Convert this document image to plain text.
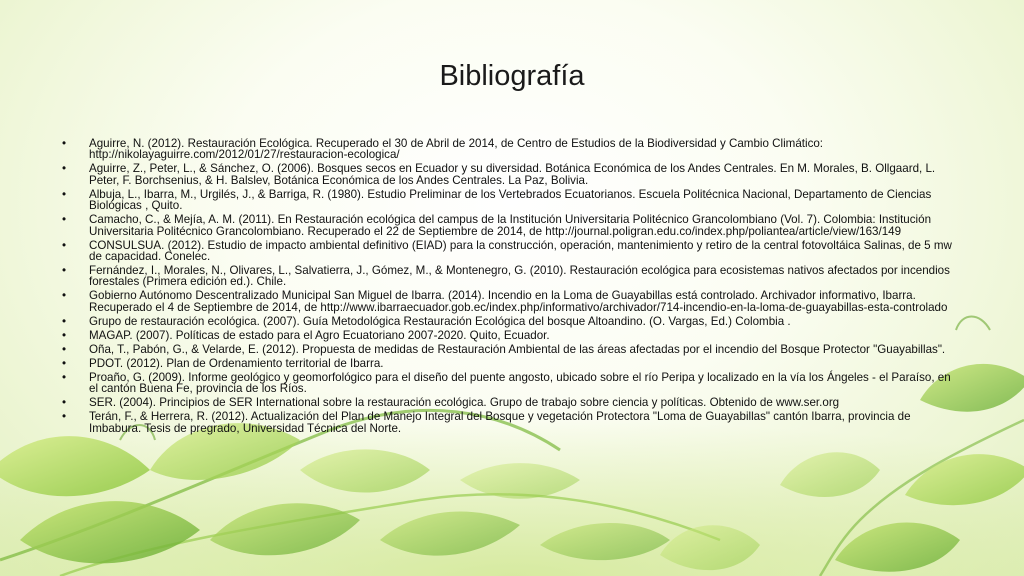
Bibliografía
• Aguirre, N. (2012). Restauración Ecológica. Recuperado el 30 de Abril de 2014, de Centro de Estudios de la Biodiversidad y Cambio Climático: http://nikolayaguirre.com/2012/01/27/restauracion-ecologica/
• Aguirre, Z., Peter, L., & Sánchez, O. (2006). Bosques secos en Ecuador y su diversidad. Botánica Económica de los Andes Centrales. En M. Morales, B. Ollgaard, L. Peter, F. Borchsenius, & H. Balslev, Botánica Económica de los Andes Centrales. La Paz, Bolivia.
• Albuja, L., Ibarra, M., Urgilés, J., & Barriga, R. (1980). Estudio Preliminar de los Vertebrados Ecuatorianos. Escuela Politécnica Nacional, Departamento de Ciencias Biológicas , Quito.
• Camacho, C., & Mejía, A. M. (2011). En Restauración ecológica del campus de la Institución Universitaria Politécnico Grancolombiano (Vol. 7). Colombia: Institución Universitaria Politécnico Grancolombiano. Recuperado el 22 de Septiembre de 2014, de http://journal.poligran.edu.co/index.php/poliantea/article/view/163/149
• CONSULSUA. (2012). Estudio de impacto ambiental definitivo (EIAD) para la construcción, operación, mantenimiento y retiro de la central fotovoltáica Salinas, de 5 mw de capacidad. Conelec.
• Fernández, I., Morales, N., Olivares, L., Salvatierra, J., Gómez, M., & Montenegro, G. (2010). Restauración ecológica para ecosistemas nativos afectados por incendios forestales (Primera edición ed.). Chile.
• Gobierno Autónomo Descentralizado Municipal San Miguel de Ibarra. (2014). Incendio en la Loma de Guayabillas está controlado. Archivador informativo, Ibarra. Recuperado el 4 de Septiembre de 2014, de http://www.ibarraecuador.gob.ec/index.php/informativo/archivador/714-incendio-en-la-loma-de-guayabillas-esta-controlado
• Grupo de restauración ecológica. (2007). Guía Metodológica Restauración Ecológica del bosque Altoandino. (O. Vargas, Ed.) Colombia .
• MAGAP. (2007). Políticas de estado para el Agro Ecuatoriano 2007-2020. Quito, Ecuador.
• Oña, T., Pabón, G., & Velarde, E. (2012). Propuesta de medidas de Restauración Ambiental de las áreas afectadas por el incendio del Bosque Protector "Guayabillas".
• PDOT. (2012). Plan de Ordenamiento territorial de Ibarra.
• Proaño, G. (2009). Informe geológico y geomorfológico para el diseño del puente angosto, ubicado sobre el río Peripa y localizado en la vía los Ángeles - el Paraíso, en el cantón Buena Fe, provincia de los Ríos.
• SER. (2004). Principios de SER International sobre la restauración ecológica. Grupo de trabajo sobre ciencia y políticas. Obtenido de www.ser.org
• Terán, F., & Herrera, R. (2012). Actualización del Plan de Manejo Integral del Bosque y vegetación Protectora "Loma de Guayabillas" cantón Ibarra, provincia de Imbabura. Tesis de pregrado, Universidad Técnica del Norte.
